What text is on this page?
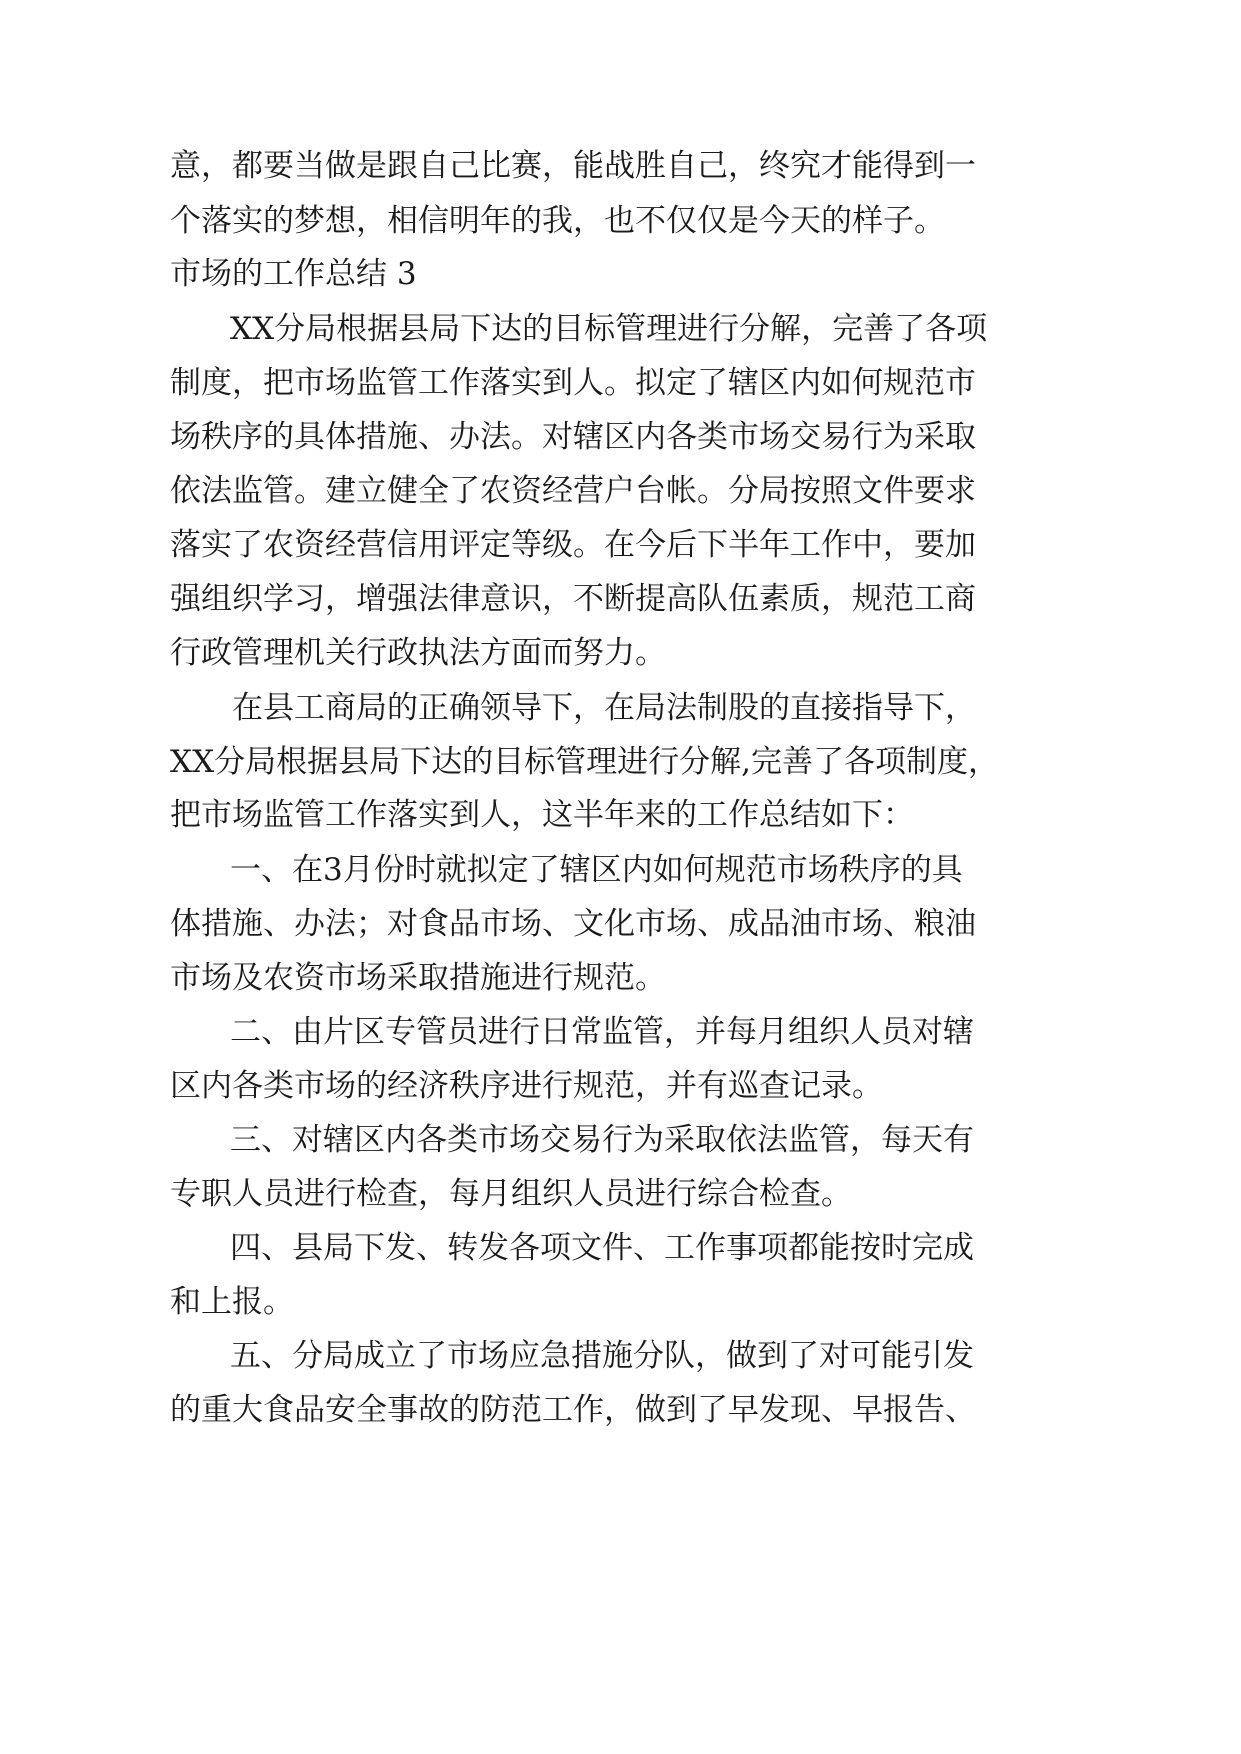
意 ， 都 要 当 做 是 跟 自 己 比 赛 ， 能 战 胜 自 己 ， 终 究 才 能 得 到 一
个落实的梦想，相信明年的我，也不仅仅是今天的样子。
市场的工作总结 3
X X 分 局 根 据 县 局 下 达 的 目 标 管 理 进 行 分 解 ， 完 善 了 各 项
制 度 ， 把 市 场 监 管 工 作 落 实 到 人 。 拟 定 了 辖 区 内 如 何 规 范 市
场 秩 序 的 具 体 措 施 、 办 法 。 对 辖 区 内 各 类 市 场 交 易 行 为 采 取
依 法 监 管 。 建 立 健 全 了 农 资 经 营 户 台 帐 。 分 局 按 照 文 件 要 求
落 实 了 农 资 经 营 信 用 评 定 等 级 。 在 今 后 下 半 年 工 作 中 ， 要 加
强 组 织 学 习 ， 增 强 法 律 意 识 ， 不 断 提 高 队 伍 素 质 ， 规 范 工 商
行政管理机关行政执法方面而努力。
在 县 工 商 局 的 正 确 领 导 下 ， 在 局 法 制 股 的 直 接 指 导 下 ，
X X 分 局 根 据 县 局 下 达 的 目 标 管 理 进 行 分 解 , 完 善 了 各 项 制 度 ，
把市场监管工作落实到人，这半年来的工作总结如下：
一 、 在 3 月 份 时 就 拟 定 了 辖 区 内 如 何 规 范 市 场 秩 序 的 具
体 措 施 、 办 法 ； 对 食 品 市 场 、 文 化 市 场 、 成 品 油 市 场 、 粮 油
市场及农资市场采取措施进行规范。
二 、 由 片 区 专 管 员 进 行 日 常 监 管 ， 并 每 月 组 织 人 员 对 辖
区内各类市场的经济秩序进行规范，并有巡查记录。
三 、 对 辖 区 内 各 类 市 场 交 易 行 为 采 取 依 法 监 管 ， 每 天 有
专职人员进行检查，每月组织人员进行综合检查。
四 、 县 局 下 发 、 转 发 各 项 文 件 、 工 作 事 项 都 能 按 时 完 成
和上报。
五 、 分 局 成 立 了 市 场 应 急 措 施 分 队 ， 做 到 了 对 可 能 引 发
的 重 大 食 品 安 全 事 故 的 防 范 工 作 ， 做 到 了 早 发 现 、 早 报 告 、
